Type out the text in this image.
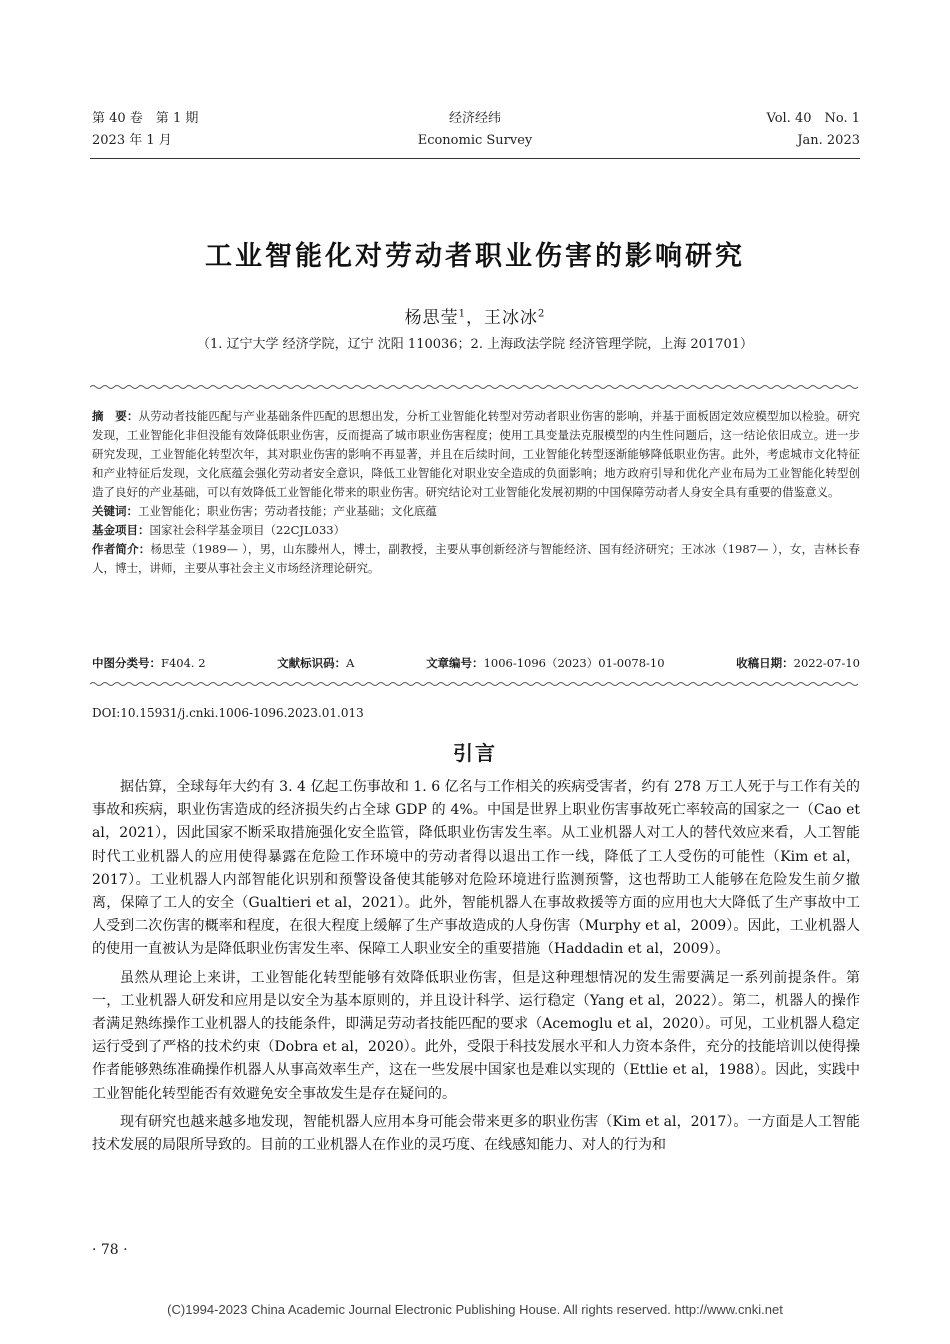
第 40 卷　第 1 期
2023 年 1 月
经济经纬
Economic Survey
Vol. 40　No. 1
Jan. 2023
工业智能化对劳动者职业伤害的影响研究
杨思莹$^1$，王冰冰$^2$
（1. 辽宁大学 经济学院，辽宁 沈阳 110036；2. 上海政法学院 经济管理学院，上海 201701）
摘　要：从劳动者技能匹配与产业基础条件匹配的思想出发，分析工业智能化转型对劳动者职业伤害的影响，并基于面板固定效应模型加以检验。研究发现，工业智能化非但没能有效降低职业伤害，反而提高了城市职业伤害程度；使用工具变量法克服模型的内生性问题后，这一结论依旧成立。进一步研究发现，工业智能化转型次年，其对职业伤害的影响不再显著，并且在后续时间，工业智能化转型逐渐能够降低职业伤害。此外，考虑城市文化特征和产业特征后发现，文化底蕴会强化劳动者安全意识，降低工业智能化对职业安全造成的负面影响；地方政府引导和优化产业布局为工业智能化转型创造了良好的产业基础，可以有效降低工业智能化带来的职业伤害。研究结论对工业智能化发展初期的中国保障劳动者人身安全具有重要的借鉴意义。
关键词：工业智能化；职业伤害；劳动者技能；产业基础；文化底蕴
基金项目：国家社会科学基金项目（22CJL033）
作者简介：杨思莹（1989— ），男，山东滕州人，博士，副教授，主要从事创新经济与智能经济、国有经济研究；王冰冰（1987— ），女，吉林长春人，博士，讲师，主要从事社会主义市场经济理论研究。
中图分类号：F404. 2	文献标识码：A	文章编号：1006-1096（2023）01-0078-10	收稿日期：2022-07-10
DOI:10.15931/j.cnki.1006-1096.2023.01.013
引言

据估算，全球每年大约有 3. 4 亿起工伤事故和 1. 6 亿名与工作相关的疾病受害者，约有 278 万工人死于与工作有关的事故和疾病，职业伤害造成的经济损失约占全球 GDP 的 4%。中国是世界上职业伤害事故死亡率较高的国家之一（Cao et al，2021），因此国家不断采取措施强化安全监管，降低职业伤害发生率。从工业机器人对工人的替代效应来看，人工智能时代工业机器人的应用使得暴露在危险工作环境中的劳动者得以退出工作一线，降低了工人受伤的可能性（Kim et al，2017）。工业机器人内部智能化识别和预警设备使其能够对危险环境进行监测预警，这也帮助工人能够在危险发生前夕撤离，保障了工人的安全（Gualtieri et al，2021）。此外，智能机器人在事故救援等方面的应用也大大降低了生产事故中工人受到二次伤害的概率和程度，在很大程度上缓解了生产事故造成的人身伤害（Murphy et al，2009）。因此，工业机器人的使用一直被认为是降低职业伤害发生率、保障工人职业安全的重要措施（Haddadin et al，2009）。

虽然从理论上来讲，工业智能化转型能够有效降低职业伤害，但是这种理想情况的发生需要满足一系列前提条件。第一，工业机器人研发和应用是以安全为基本原则的，并且设计科学、运行稳定（Yang et al，2022）。第二，机器人的操作者满足熟练操作工业机器人的技能条件，即满足劳动者技能匹配的要求（Acemoglu et al，2020）。可见，工业机器人稳定运行受到了严格的技术约束（Dobra et al，2020）。此外，受限于科技发展水平和人力资本条件，充分的技能培训以使得操作者能够熟练准确操作机器人从事高效率生产，这在一些发展中国家也是难以实现的（Ettlie et al，1988）。因此，实践中工业智能化转型能否有效避免安全事故发生是存在疑问的。

现有研究也越来越多地发现，智能机器人应用本身可能会带来更多的职业伤害（Kim et al，2017）。一方面是人工智能技术发展的局限所导致的。目前的工业机器人在作业的灵巧度、在线感知能力、对人的行为和

· 78 ·
(C)1994-2023 China Academic Journal Electronic Publishing House. All rights reserved. http://www.cnki.net
